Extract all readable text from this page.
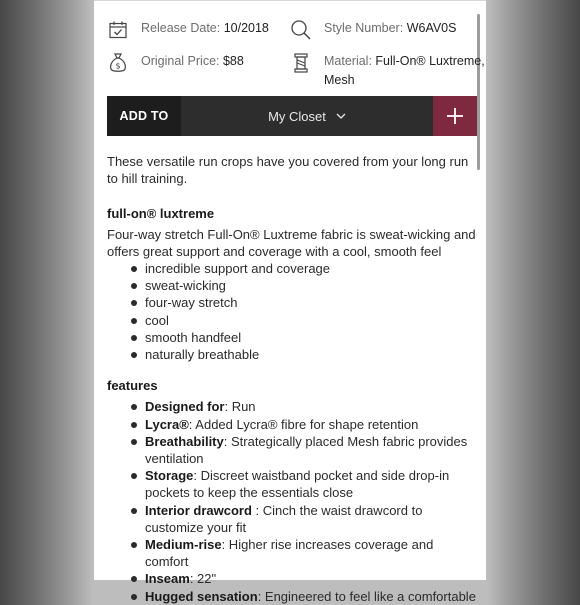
Release Date: 10/2018	Style Number: W6AV0S
$ Original Price: $88	Material: Full-On® Luxtreme,
Mesh
ADD TO	My Closet

These versatile run crops have you covered from your long run to hill training.

full-on® luxtreme

Four-way stretch Full-On® Luxtreme fabric is sweat-wicking and offers great support and coverage with a cool, smooth feel

incredible support and coverage
sweat-wicking
four-way stretch
cool
smooth handfeel
naturally breathable
features
Designed for: Run
Lycra®: Added Lycra® fibre for shape retention
Breathability: Strategically placed Mesh fabric provides ventilation
Storage: Discreet waistband pocket and side drop-in pockets to keep the essentials close
Interior drawcord : Cinch the waist drawcord to customize your fit
Medium-rise: Higher rise increases coverage and comfort
Inseam: 22"
Hugged sensation: Engineered to feel like a comfortable
